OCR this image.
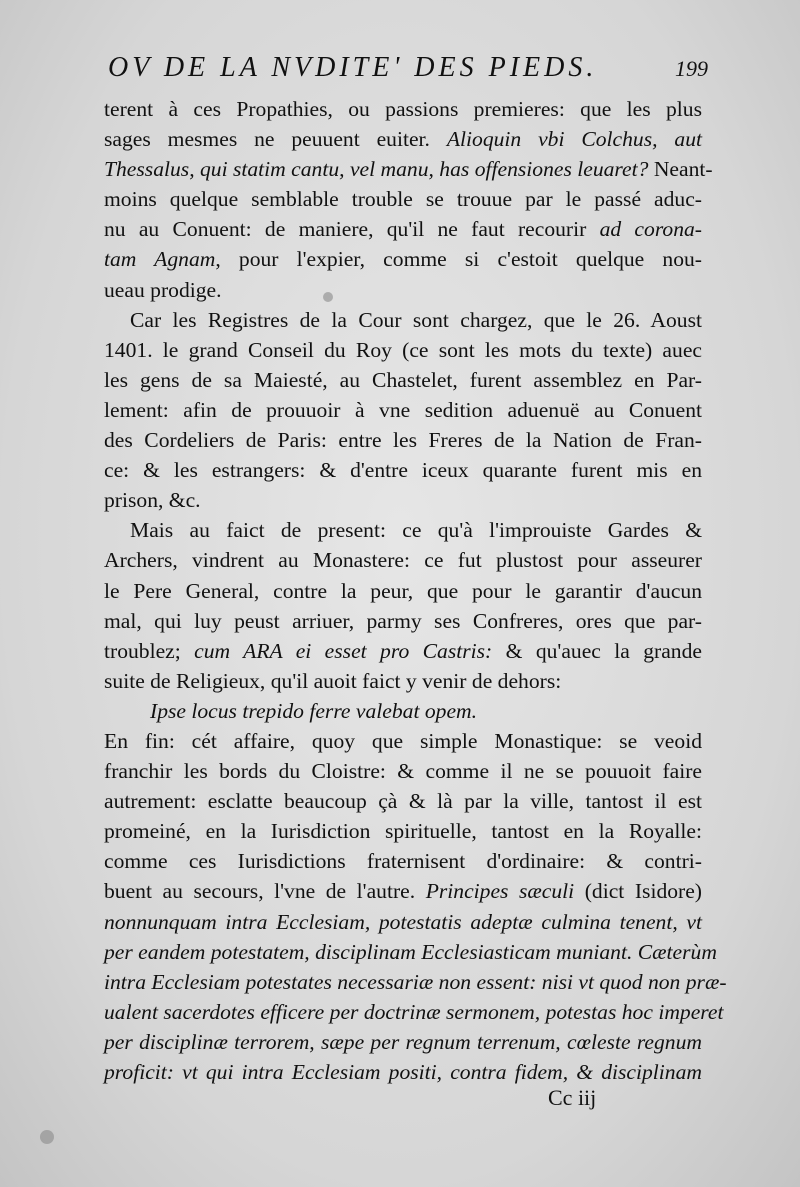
OV DE LA NVDITE' DES PIEDS.	199
terent à ces Propathies, ou passions premieres: que les plus
sages mesmes ne peuuent euiter. Alioquin vbi Colchus, aut
Thessalus, qui statim cantu, vel manu, has offensiones leuaret? Neant-
moins quelque semblable trouble se trouue par le passé aduc-
nu au Conuent: de maniere, qu'il ne faut recourir ad corona-
tam Agnam, pour l'expier, comme si c'estoit quelque nou-
ueau prodige.
Car les Registres de la Cour sont chargez, que le 26. Aoust
1401. le grand Conseil du Roy (ce sont les mots du texte) auec
les gens de sa Maiesté, au Chastelet, furent assemblez en Par-
lement: afin de prouuoir à vne sedition aduenuë au Conuent
des Cordeliers de Paris: entre les Freres de la Nation de Fran-
ce: & les estrangers: & d'entre iceux quarante furent mis en
prison, &c.
Mais au faict de present: ce qu'à l'improuiste Gardes &
Archers, vindrent au Monastere: ce fut plustost pour asseurer
le Pere General, contre la peur, que pour le garantir d'aucun
mal, qui luy peust arriuer, parmy ses Confreres, ores que par-
troublez; cum ARA ei esset pro Castris: & qu'auec la grande
suite de Religieux, qu'il auoit faict y venir de dehors:
Ipse locus trepido ferre valebat opem.
En fin: cét affaire, quoy que simple Monastique: se veoid
franchir les bords du Cloistre: & comme il ne se pouuoit faire
autrement: esclatte beaucoup çà & là par la ville, tantost il est
promeiné, en la Iurisdiction spirituelle, tantost en la Royalle:
comme ces Iurisdictions fraternisent d'ordinaire: & contri-
buent au secours, l'vne de l'autre. Principes sæculi (dict Isidore)
nonnunquam intra Ecclesiam, potestatis adeptæ culmina tenent, vt
per eandem potestatem, disciplinam Ecclesiasticam muniant. Cæterùm
intra Ecclesiam potestates necessariæ non essent: nisi vt quod non præ-
ualent sacerdotes efficere per doctrinæ sermonem, potestas hoc imperet
per disciplinæ terrorem, sæpe per regnum terrenum, cœleste regnum
proficit: vt qui intra Ecclesiam positi, contra fidem, & disciplinam
Cc iij
